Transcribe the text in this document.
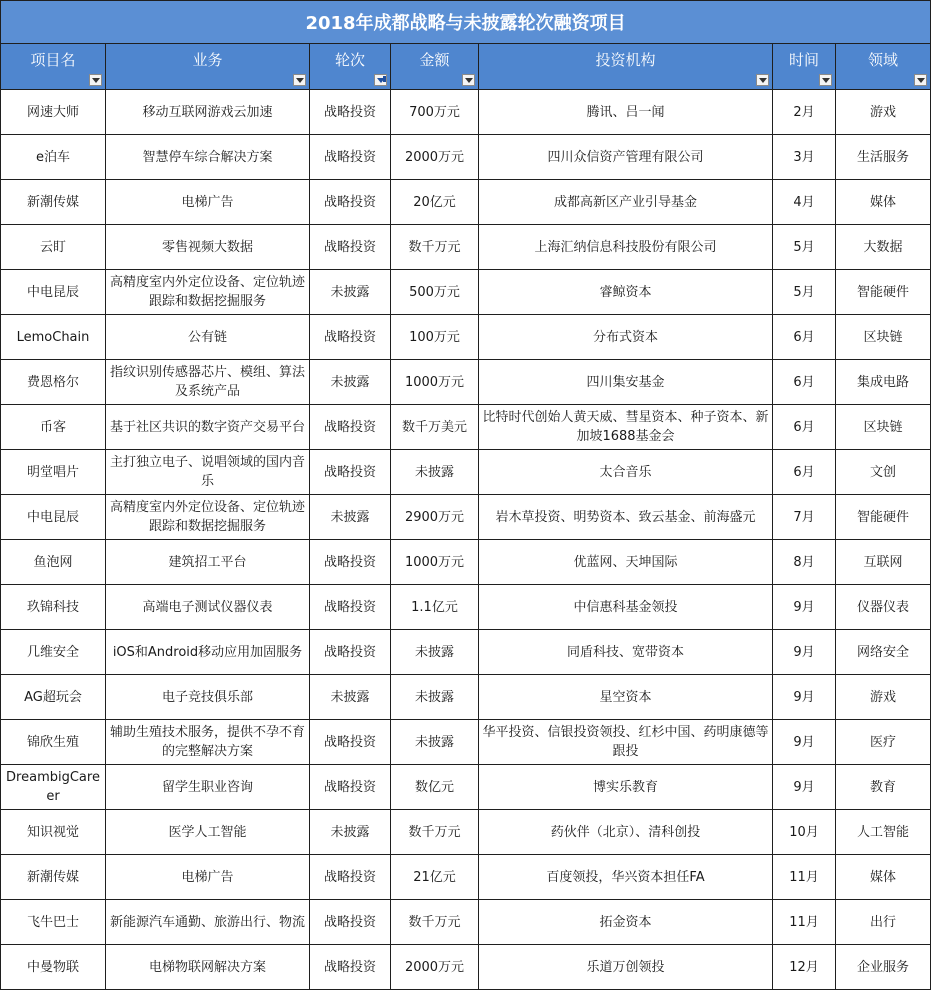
2018年成都战略与未披露轮次融资项目						
项目名	业务	轮次	金额	投资机构	时间	领域

网速大师	移动互联网游戏云加速	战略投资	700万元	腾讯、吕一闻	2月	游戏
e泊车	智慧停车综合解决方案	战略投资	2000万元	四川众信资产管理有限公司	3月	生活服务
新潮传媒	电梯广告	战略投资	20亿元	成都高新区产业引导基金	4月	媒体
云盯	零售视频大数据	战略投资	数千万元	上海汇纳信息科技股份有限公司	5月	大数据
中电昆辰	高精度室内外定位设备、定位轨迹跟踪和数据挖掘服务	未披露	500万元	睿鲸资本	5月	智能硬件
LemoChain	公有链	战略投资	100万元	分布式资本	6月	区块链
费恩格尔	指纹识别传感器芯片、模组、算法及系统产品	未披露	1000万元	四川集安基金	6月	集成电路
币客	基于社区共识的数字资产交易平台	战略投资	数千万美元	比特时代创始人黄天威、彗星资本、种子资本、新加坡1688基金会	6月	区块链
明堂唱片	主打独立电子、说唱领域的国内音乐	战略投资	未披露	太合音乐	6月	文创
中电昆辰	高精度室内外定位设备、定位轨迹跟踪和数据挖掘服务	未披露	2900万元	岩木草投资、明势资本、致云基金、前海盛元	7月	智能硬件
鱼泡网	建筑招工平台	战略投资	1000万元	优蓝网、天坤国际	8月	互联网
玖锦科技	高端电子测试仪器仪表	战略投资	1.1亿元	中信惠科基金领投	9月	仪器仪表
几维安全	iOS和Android移动应用加固服务	战略投资	未披露	同盾科技、宽带资本	9月	网络安全
AG超玩会	电子竞技俱乐部	未披露	未披露	星空资本	9月	游戏
锦欣生殖	辅助生殖技术服务，提供不孕不育的完整解决方案	战略投资	未披露	华平投资、信银投资领投、红杉中国、药明康德等跟投	9月	医疗
DreambigCareer	留学生职业咨询	战略投资	数亿元	博实乐教育	9月	教育
知识视觉	医学人工智能	未披露	数千万元	药伙伴（北京）、清科创投	10月	人工智能
新潮传媒	电梯广告	战略投资	21亿元	百度领投，华兴资本担任FA	11月	媒体
飞牛巴士	新能源汽车通勤、旅游出行、物流	战略投资	数千万元	拓金资本	11月	出行
中曼物联	电梯物联网解决方案	战略投资	2000万元	乐道万创领投	12月	企业服务
